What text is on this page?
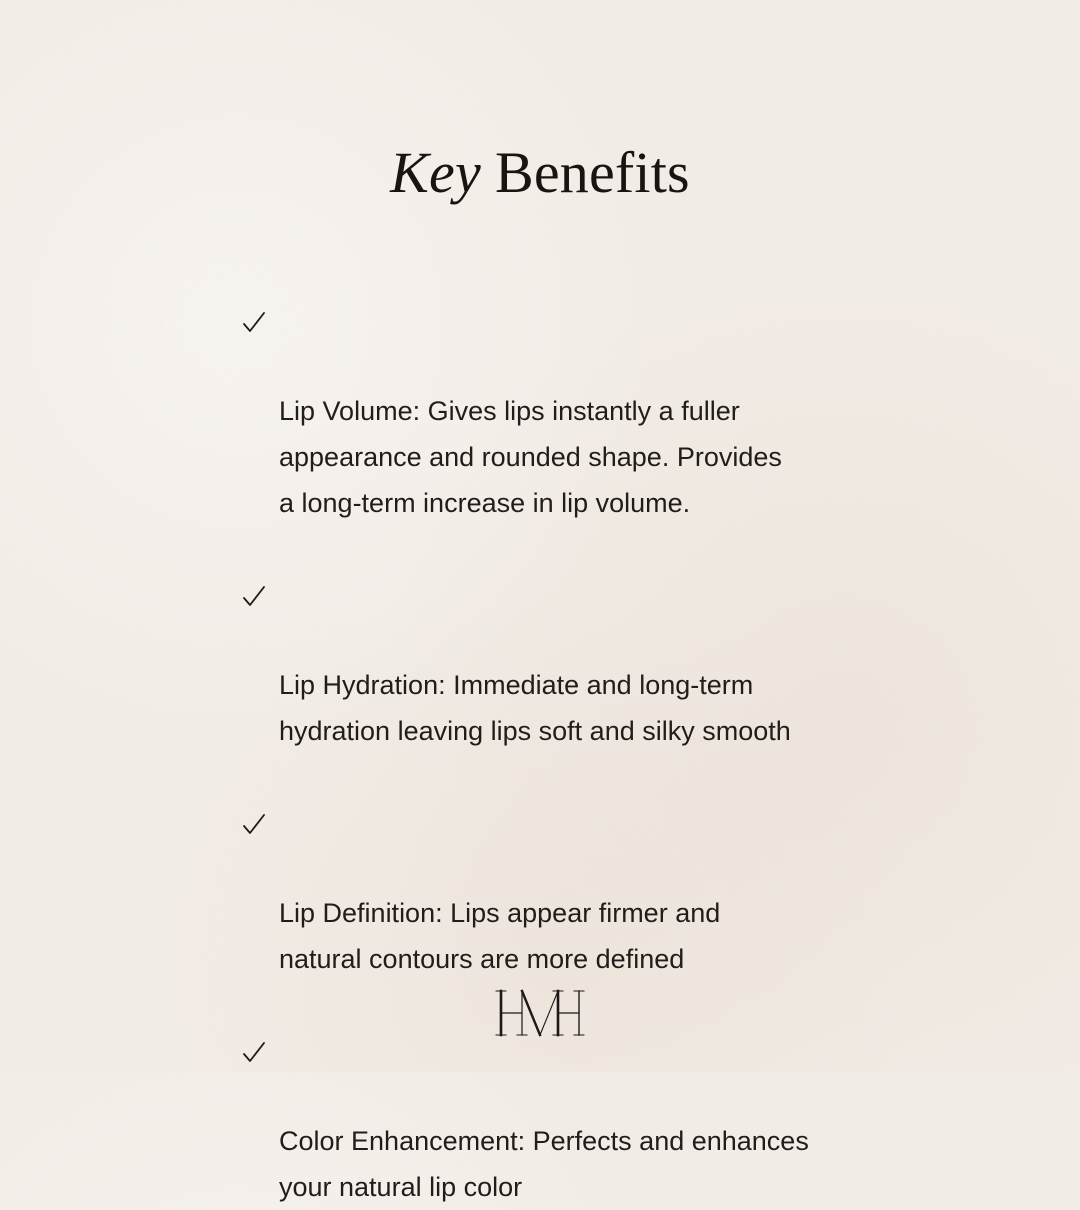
Key Benefits

Lip Volume: Gives lips instantly a fuller
appearance and rounded shape. Provides
a long-term increase in lip volume.

Lip Hydration: Immediate and long-term
hydration leaving lips soft and silky smooth

Lip Definition: Lips appear firmer and
natural contours are more defined

Color Enhancement: Perfects and enhances
your natural lip color
